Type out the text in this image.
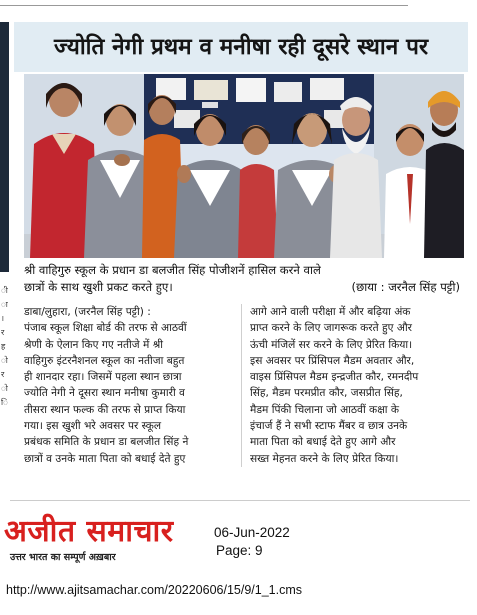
ी
ा
।
र
ह
ो
र
ो
ि
ज्योति नेगी प्रथम व मनीषा रही दूसरे स्थान पर
श्री वाहिगुरु स्कूल के प्रधान डा बलजीत सिंह पोजीशनें हासिल करने वाले
छात्रों के साथ खुशी प्रकट करते हुए।	(छाया : जरनैल सिंह पट्टी)
डाबा/लुहारा, (जरनैल सिंह पट्टी) :
पंजाब स्कूल शिक्षा बोर्ड की तरफ से आठवीं
श्रेणी के ऐलान किए गए नतीजे में श्री
वाहिगुरु इंटरनैशनल स्कूल का नतीजा बहुत
ही शानदार रहा। जिसमें पहला स्थान छात्रा
ज्योति नेगी ने दूसरा स्थान मनीषा कुमारी व
तीसरा स्थान फल्क की तरफ से प्राप्त किया
गया। इस खुशी भरे अवसर पर स्कूल
प्रबंधक समिति के प्रधान डा बलजीत सिंह ने
छात्रों व उनके माता पिता को बधाई देते हुए
आगे आने वाली परीक्षा में और बढ़िया अंक
प्राप्त करने के लिए जागरूक करते हुए और
ऊंची मंजिलें सर करने के लिए प्रेरित किया।
इस अवसर पर प्रिंसिपल मैडम अवतार और,
वाइस प्रिंसिपल मैडम इन्द्रजीत कौर, रमनदीप
सिंह, मैडम परमप्रीत कौर, जसप्रीत सिंह,
मैडम पिंकी चिलाना जो आठवीं कक्षा के
इंचार्ज हैं ने सभी स्टाफ मैंबर व छात्र उनके
माता पिता को बधाई देते हुए आगे और
सख्त मेहनत करने के लिए प्रेरित किया।
अजीत समाचार
उत्तर भारत का सम्पूर्ण अख़बार
06-Jun-2022
Page: 9
http://www.ajitsamachar.com/20220606/15/9/1_1.cms
